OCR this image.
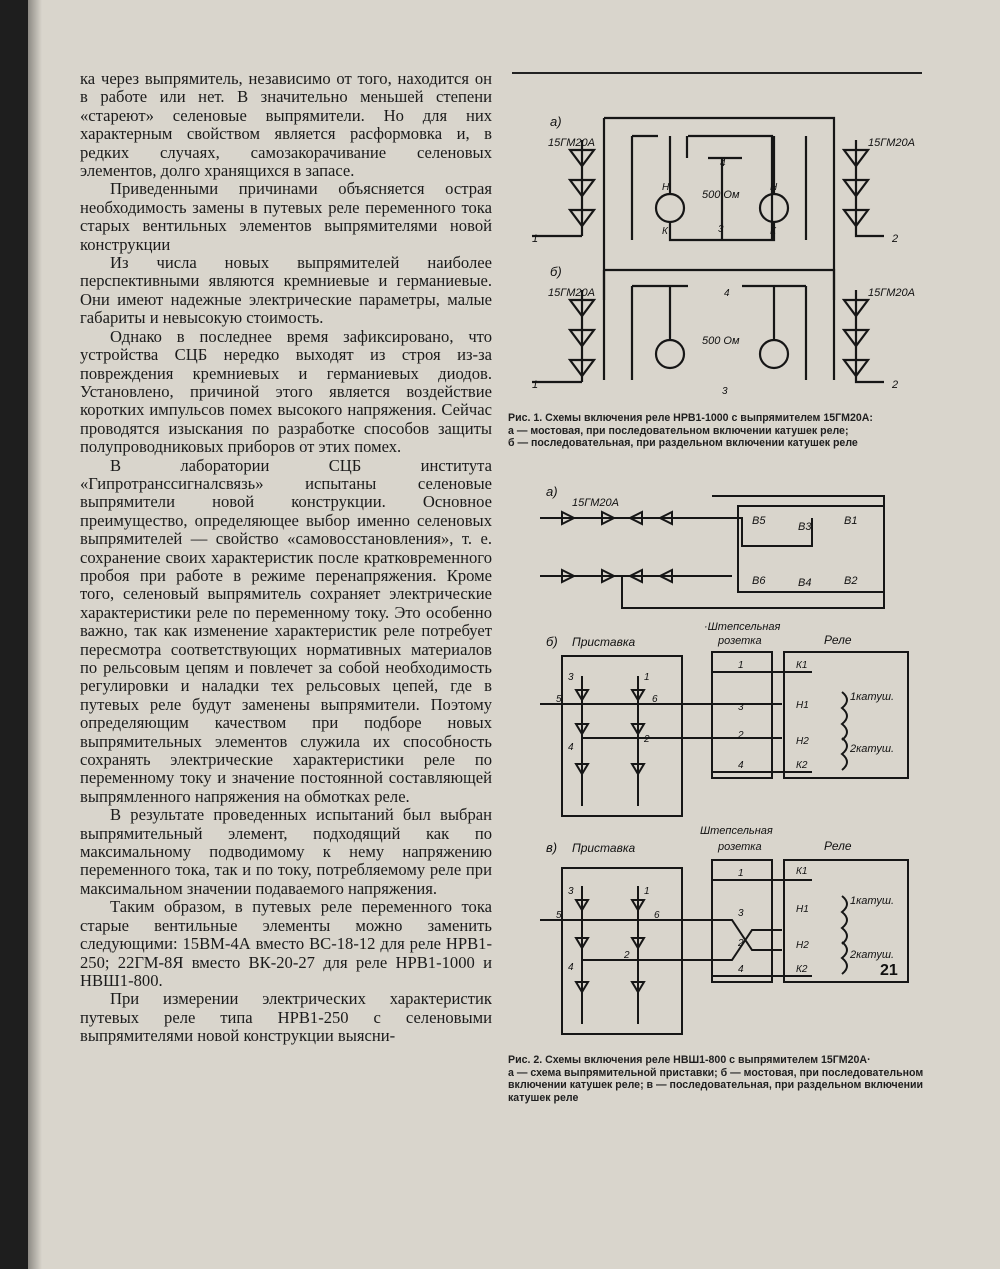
ка через выпрямитель, независимо от того, находится он в работе или нет. В значительно меньшей степени «стареют» селеновые выпрямители. Но для них характерным свойством является расформовка и, в редких случаях, самозакорачивание селеновых элементов, долго хранящихся в запасе.

Приведенными причинами объясняется острая необходимость замены в путевых реле переменного тока старых вентильных элементов выпрямителями новой конструкции

Из числа новых выпрямителей наиболее перспективными являются кремниевые и германиевые. Они имеют надежные электрические параметры, малые габариты и невысокую стоимость.

Однако в последнее время зафиксировано, что устройства СЦБ нередко выходят из строя из-за повреждения кремниевых и германиевых диодов. Установлено, причиной этого является воздействие коротких импульсов помех высокого напряжения. Сейчас проводятся изыскания по разработке способов защиты полупроводниковых приборов от этих помех.

В лаборатории СЦБ института «Гипротранссигналсвязь» испытаны селеновые выпрямители новой конструкции. Основное преимущество, определяющее выбор именно селеновых выпрямителей — свойство «самовосстановления», т. е. сохранение своих характеристик после кратковременного пробоя при работе в режиме перенапряжения. Кроме того, селеновый выпрямитель сохраняет электрические характеристики реле по переменному току. Это особенно важно, так как изменение характеристик реле потребует пересмотра соответствующих нормативных материалов по рельсовым цепям и повлечет за собой необходимость регулировки и наладки тех рельсовых цепей, где в путевых реле будут заменены выпрямители. Поэтому определяющим качеством при подборе новых выпрямительных элементов служила их способность сохранять электрические характеристики реле по переменному току и значение постоянной составляющей выпрямленного напряжения на обмотках реле.

В результате проведенных испытаний был выбран выпрямительный элемент, подходящий как по максимальному подводимому к нему напряжению переменного тока, так и по току, потребляемому реле при максимальном значении подаваемого напряжения.

Таким образом, в путевых реле переменного тока старые вентильные элементы можно заменить следующими: 15ВМ-4А вместо ВС-18-12 для реле НРВ1-250; 22ГМ-8Я вместо ВК-20-27 для реле НРВ1-1000 и НВШ1-800.

При измерении электрических характеристик путевых реле типа НРВ1-250 с селеновыми выпрямителями новой конструкции выясни-

а)
15ГМ20А	15ГМ20А
500 Ом
Н	Н
К	К
4
3
1	2
б)
15ГМ20А	15ГМ20А
500 Ом
4
3
1	2
Рис. 1. Схемы включения реле НРВ1-1000 с выпрямителем 15ГМ20А:
а — мостовая, при последовательном включении катушек реле;
б — последовательная, при раздельном включении катушек реле
а)
15ГМ20А
В5	В3	В1
В6	В4	В2
б) Приставка
·Штепсельная
розетка	Реле
1
3
2
4
К1
Н1
Н2
К2
1катуш.
2катуш.
3	1
5	6
4
2
в) Приставка
Штепсельная
розетка	Реле
1
3
2
4
К1
Н1
Н2
К2
1катуш.
2катуш.
3	1
5	6
4
2
Рис. 2. Схемы включения реле НВШ1-800 с выпрямителем 15ГМ20А·
а — схема выпрямительной приставки; б — мостовая, при последовательном включении катушек реле; в — последовательная, при раздельном включении катушек реле
21
